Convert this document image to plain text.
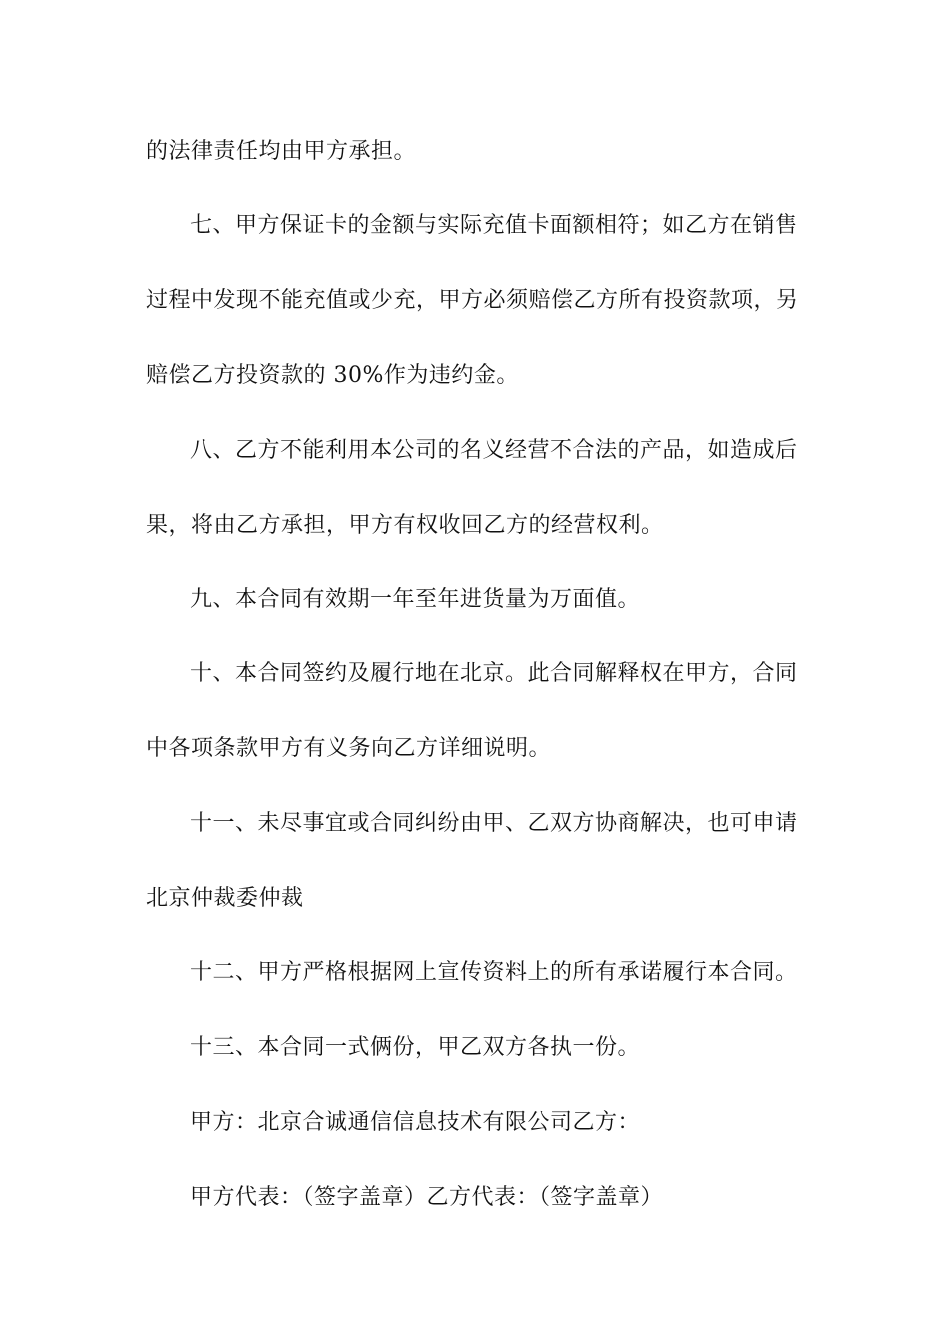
的法律责任均由甲方承担。
七、甲方保证卡的金额与实际充值卡面额相符；如乙方在销售
过程中发现不能充值或少充，甲方必须赔偿乙方所有投资款项，另
赔偿乙方投资款的 30%作为违约金。
八、乙方不能利用本公司的名义经营不合法的产品，如造成后
果，将由乙方承担，甲方有权收回乙方的经营权利。
九、本合同有效期一年至年进货量为万面值。
十、本合同签约及履行地在北京。此合同解释权在甲方，合同
中各项条款甲方有义务向乙方详细说明。
十一、未尽事宜或合同纠纷由甲、乙双方协商解决，也可申请
北京仲裁委仲裁
十二、甲方严格根据网上宣传资料上的所有承诺履行本合同。
十三、本合同一式俩份，甲乙双方各执一份。
甲方：北京合诚通信信息技术有限公司乙方：
甲方代表：（签字盖章）乙方代表：（签字盖章）
